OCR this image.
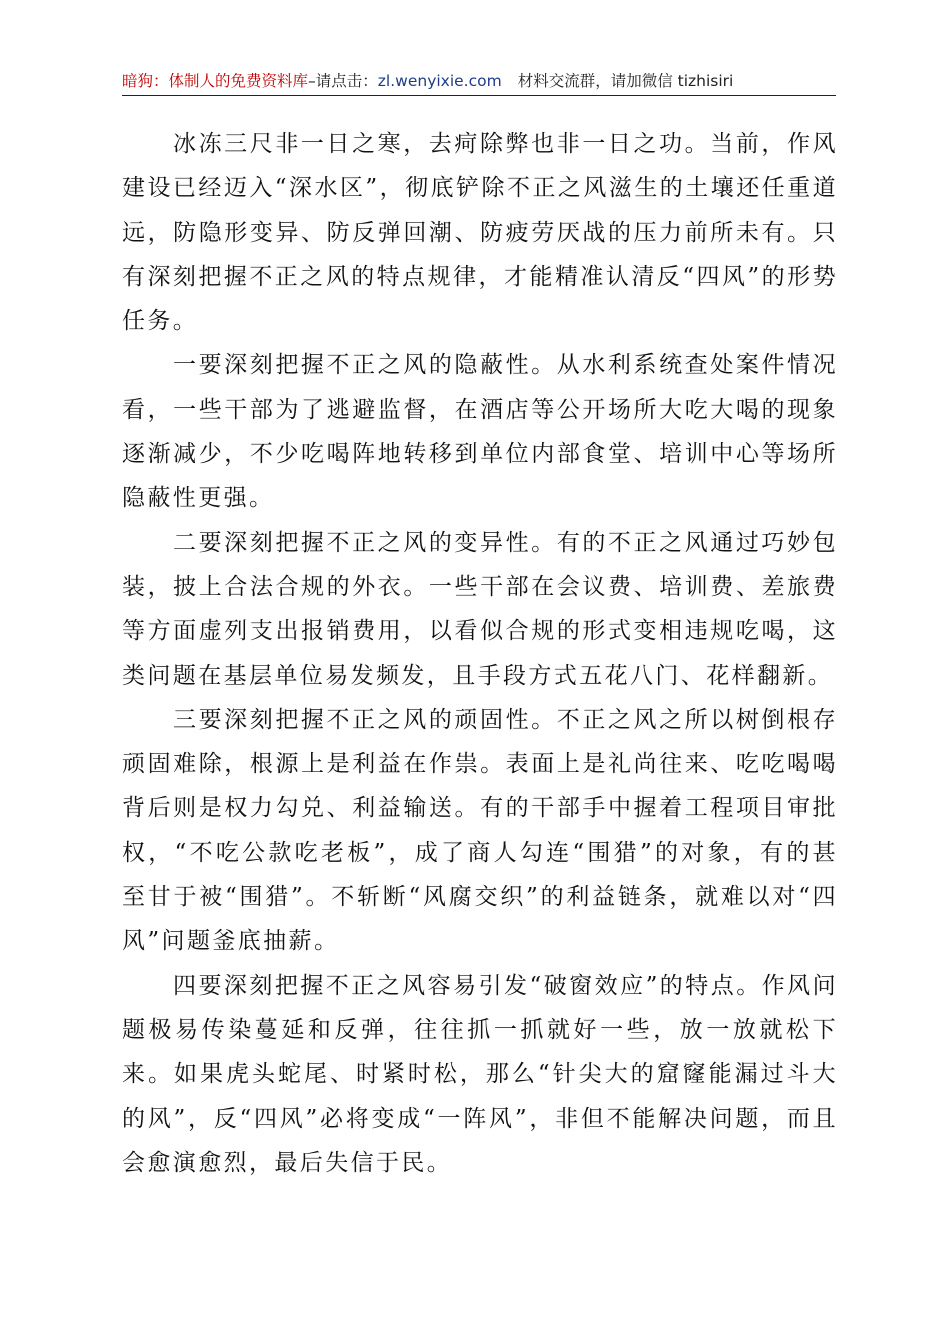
暗狗：体制人的免费资料库–请点击：zl.wenyixie.com 材料交流群，请加微信 tizhisiri

冰冻三尺非一日之寒，去疴除弊也非一日之功。当前，作风建设已经迈入“深水区”，彻底铲除不正之风滋生的土壤还任重道远，防隐形变异、防反弹回潮、防疲劳厌战的压力前所未有。只有深刻把握不正之风的特点规律，才能精准认清反“四风”的形势任务。

一要深刻把握不正之风的隐蔽性。从水利系统查处案件情况看，一些干部为了逃避监督，在酒店等公开场所大吃大喝的现象逐渐减少，不少吃喝阵地转移到单位内部食堂、培训中心等场所隐蔽性更强。

二要深刻把握不正之风的变异性。有的不正之风通过巧妙包装，披上合法合规的外衣。一些干部在会议费、培训费、差旅费等方面虚列支出报销费用，以看似合规的形式变相违规吃喝，这类问题在基层单位易发频发，且手段方式五花八门、花样翻新。

三要深刻把握不正之风的顽固性。不正之风之所以树倒根存顽固难除，根源上是利益在作祟。表面上是礼尚往来、吃吃喝喝背后则是权力勾兑、利益输送。有的干部手中握着工程项目审批权，“不吃公款吃老板”，成了商人勾连“围猎”的对象，有的甚至甘于被“围猎”。不斩断“风腐交织”的利益链条，就难以对“四风”问题釜底抽薪。

四要深刻把握不正之风容易引发“破窗效应”的特点。作风问题极易传染蔓延和反弹，往往抓一抓就好一些，放一放就松下来。如果虎头蛇尾、时紧时松，那么“针尖大的窟窿能漏过斗大的风”，反“四风”必将变成“一阵风”，非但不能解决问题，而且会愈演愈烈，最后失信于民。
